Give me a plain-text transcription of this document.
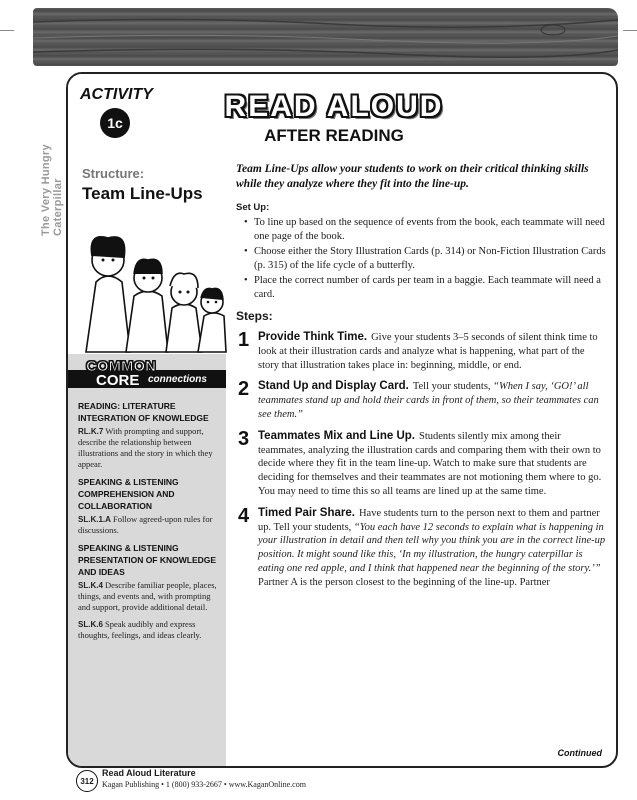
The Very Hungry Caterpillar
ACTIVITY
1c	READ ALOUD
AFTER READING
Structure:
Team Line-Ups
COMMON
CORE connections
READING: LITERATURE INTEGRATION OF KNOWLEDGE
RL.K.7 With prompting and support, describe the relationship between illustrations and the story in which they appear.
SPEAKING & LISTENING COMPREHENSION AND COLLABORATION
SL.K.1.A Follow agreed-upon rules for discussions.
SPEAKING & LISTENING PRESENTATION OF KNOWLEDGE AND IDEAS
SL.K.4 Describe familiar people, places, things, and events and, with prompting and support, provide additional detail.
SL.K.6 Speak audibly and express thoughts, feelings, and ideas clearly.
Team Line-Ups allow your students to work on their critical thinking skills while they analyze where they fit into the line-up.
Set Up:
• To line up based on the sequence of events from the book, each teammate will need one page of the book.
• Choose either the Story Illustration Cards (p. 314) or Non-Fiction Illustration Cards (p. 315) of the life cycle of a butterfly.
• Place the correct number of cards per team in a baggie. Each teammate will need a card.
Steps:
1 Provide Think Time. Give your students 3–5 seconds of silent think time to look at their illustration cards and analyze what is happening, what part of the story that illustration takes place in: beginning, middle, or end.
2 Stand Up and Display Card. Tell your students, “When I say, ‘GO!’ all teammates stand up and hold their cards in front of them, so their teammates can see them.”
3 Teammates Mix and Line Up. Students silently mix among their teammates, analyzing the illustration cards and comparing them with their own to decide where they fit in the team line-up. Watch to make sure that students are deciding for themselves and their teammates are not motioning them where to go. You may need to time this so all teams are lined up at the same time.
4 Timed Pair Share. Have students turn to the person next to them and partner up. Tell your students, “You each have 12 seconds to explain what is happening in your illustration in detail and then tell why you think you are in the correct line-up position. It might sound like this, ‘In my illustration, the hungry caterpillar is eating one red apple, and I think that happened near the beginning of the story.’” Partner A is the person closest to the beginning of the line-up. Partner
Continued
312
Read Aloud Literature
Kagan Publishing • 1 (800) 933-2667 • www.KaganOnline.com
